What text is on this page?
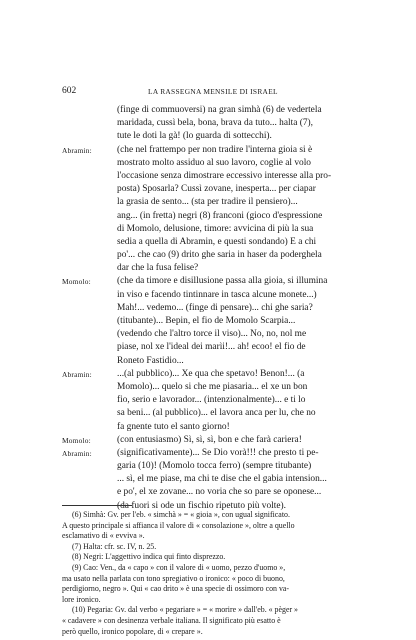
602	LA RASSEGNA MENSILE DI ISRAEL
(finge di commuoversi) na gran simhà (6) de vedertela
maridada, cussì bela, bona, brava da tuto... halta (7),
tute le doti la gà! (lo guarda di sottecchi).
Abramin:	(che nel frattempo per non tradire l'interna gioia si è
mostrato molto assiduo al suo lavoro, coglie al volo
l'occasione senza dimostrare eccessivo interesse alla pro-
posta) Sposarla? Cussì zovane, inesperta... per ciapar
la grasia de sento... (sta per tradire il pensiero)...
ang... (in fretta) negri (8) franconi (gioco d'espressione
di Momolo, delusione, timore: avvicina di più la sua
sedia a quella di Abramin, e questi sondando) E a chi
po'... che cao (9) drito ghe saria in haser da poderghela
dar che la fusa felise?
Momolo:	(che da timore e disillusione passa alla gioia, si illumina
in viso e facendo tintinnare in tasca alcune monete...)
Mah!... vedemo... (finge di pensare)... chi ghe saria?
(titubante)... Bepin, el fio de Momolo Scarpia...
(vedendo che l'altro torce il viso)... No, no, nol me
piase, nol xe l'ideal dei marìi!... ah! ecoo! el fio de
Roneto Fastidio...
Abramin:	...(al pubblico)... Xe qua che spetavo! Benon!... (a
Momolo)... quelo si che me piasaria... el xe un bon
fio, serio e lavorador... (intenzionalmente)... e ti lo
sa beni... (al pubblico)... el lavora anca per lu, che no
fa gnente tuto el santo giorno!
Momolo:	(con entusiasmo) Sì, sì, sì, bon e che farà cariera!
Abramin:	(significativamente)... Se Dio vorà!!! che presto ti pe-
garia (10)! (Momolo tocca ferro) (sempre titubante)
... sì, el me piase, ma chi te dise che el gabia intension...
e po', el xe zovane... no voria che so pare se oponese...
(da fuori si ode un fischio ripetuto più volte).
(6) Simhà: Gv. per l'eb. « simchà » = « gioia », con ugual significato.
A questo principale si affianca il valore di « consolazione », oltre a quello
esclamativo di « evviva ».
(7) Halta: cfr. sc. IV, n. 25.
(8) Negri: L'aggettivo indica qui finto disprezzo.
(9) Cao: Ven., da « capo » con il valore di « uomo, pezzo d'uomo »,
ma usato nella parlata con tono spregiativo o ironico: « poco di buono,
perdigiorno, negro ». Qui « cao drito » è una specie di ossimoro con va-
lore ironico.
(10) Pegaria: Gv. dal verbo « pegariare » = « morire » dall'eb. « pèger »
« cadavere » con desinenza verbale italiana. Il significato più esatto è
però quello, ironico popolare, di « crepare ».
